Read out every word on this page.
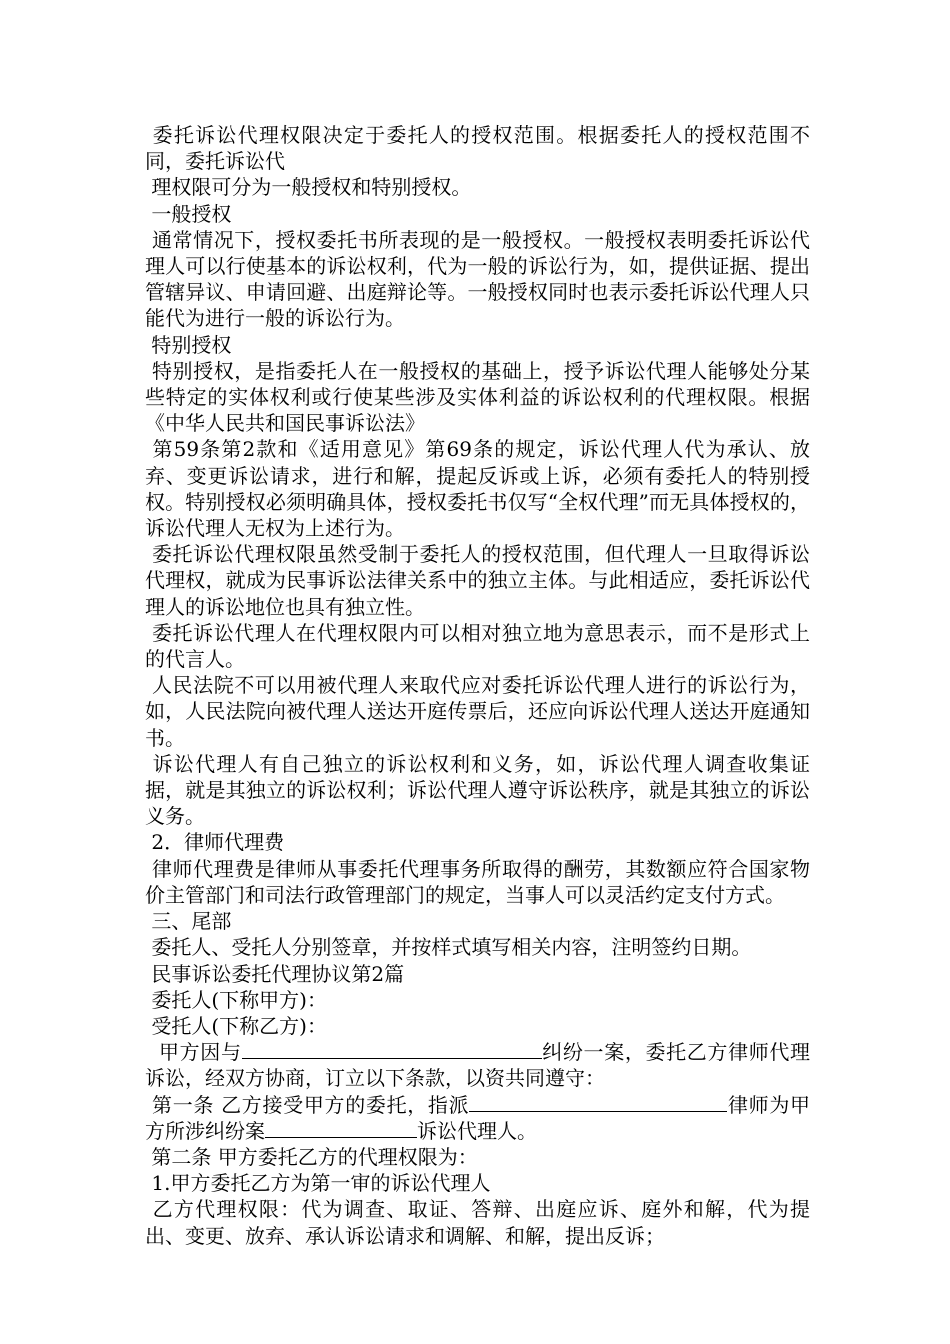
委托诉讼代理权限决定于委托人的授权范围。根据委托人的授权范围不同，委托诉讼代

理权限可分为一般授权和特别授权。

一般授权

通常情况下，授权委托书所表现的是一般授权。一般授权表明委托诉讼代理人可以行使基本的诉讼权利，代为一般的诉讼行为，如，提供证据、提出管辖异议、申请回避、出庭辩论等。一般授权同时也表示委托诉讼代理人只能代为进行一般的诉讼行为。

特别授权

特别授权，是指委托人在一般授权的基础上，授予诉讼代理人能够处分某些特定的实体权利或行使某些涉及实体利益的诉讼权利的代理权限。根据《中华人民共和国民事诉讼法》

第59条第2款和《适用意见》第69条的规定，诉讼代理人代为承认、放弃、变更诉讼请求，进行和解，提起反诉或上诉，必须有委托人的特别授权。特别授权必须明确具体，授权委托书仅写“全权代理”而无具体授权的，诉讼代理人无权为上述行为。

委托诉讼代理权限虽然受制于委托人的授权范围，但代理人一旦取得诉讼代理权，就成为民事诉讼法律关系中的独立主体。与此相适应，委托诉讼代理人的诉讼地位也具有独立性。

委托诉讼代理人在代理权限内可以相对独立地为意思表示，而不是形式上的代言人。

人民法院不可以用被代理人来取代应对委托诉讼代理人进行的诉讼行为，如，人民法院向被代理人送达开庭传票后，还应向诉讼代理人送达开庭通知书。

诉讼代理人有自己独立的诉讼权利和义务，如，诉讼代理人调查收集证据，就是其独立的诉讼权利；诉讼代理人遵守诉讼秩序，就是其独立的诉讼义务。

2．律师代理费

律师代理费是律师从事委托代理事务所取得的酬劳，其数额应符合国家物价主管部门和司法行政管理部门的规定，当事人可以灵活约定支付方式。

三、尾部

委托人、受托人分别签章，并按样式填写相关内容，注明签约日期。

民事诉讼委托代理协议第2篇

委托人(下称甲方)：

受托人(下称乙方)：

甲方因与	纠纷一案，委托乙方律师代理诉讼，经双方协商，订立以下条款，以资共同遵守：

第一条 乙方接受甲方的委托，指派	律师为甲方所涉纠纷案	诉讼代理人。

第二条 甲方委托乙方的代理权限为：

1.甲方委托乙方为第一审的诉讼代理人

乙方代理权限：代为调查、取证、答辩、出庭应诉、庭外和解，代为提出、变更、放弃、承认诉讼请求和调解、和解，提出反诉；
